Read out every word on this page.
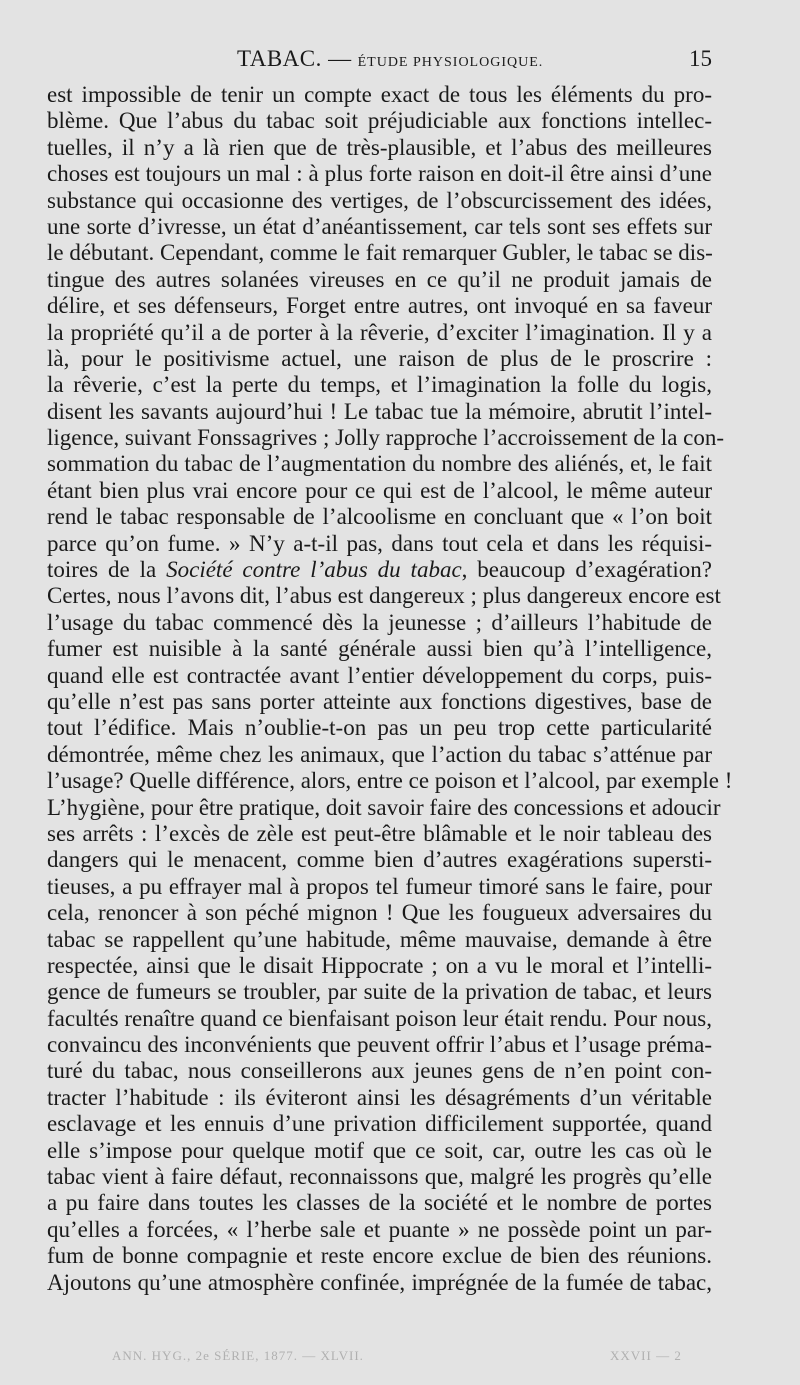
TABAC. — ÉTUDE PHYSIOLOGIQUE.	15
est impossible de tenir un compte exact de tous les éléments du pro-
blème. Que l’abus du tabac soit préjudiciable aux fonctions intellec-
tuelles, il n’y a là rien que de très-plausible, et l’abus des meilleures
choses est toujours un mal : à plus forte raison en doit-il être ainsi d’une
substance qui occasionne des vertiges, de l’obscurcissement des idées,
une sorte d’ivresse, un état d’anéantissement, car tels sont ses effets sur
le débutant. Cependant, comme le fait remarquer Gubler, le tabac se dis-
tingue des autres solanées vireuses en ce qu’il ne produit jamais de
délire, et ses défenseurs, Forget entre autres, ont invoqué en sa faveur
la propriété qu’il a de porter à la rêverie, d’exciter l’imagination. Il y a
là, pour le positivisme actuel, une raison de plus de le proscrire :
la rêverie, c’est la perte du temps, et l’imagination la folle du logis,
disent les savants aujourd’hui ! Le tabac tue la mémoire, abrutit l’intel-
ligence, suivant Fonssagrives ; Jolly rapproche l’accroissement de la con-
sommation du tabac de l’augmentation du nombre des aliénés, et, le fait
étant bien plus vrai encore pour ce qui est de l’alcool, le même auteur
rend le tabac responsable de l’alcoolisme en concluant que « l’on boit
parce qu’on fume. » N’y a-t-il pas, dans tout cela et dans les réquisi-
toires de la Société contre l’abus du tabac, beaucoup d’exagération?
Certes, nous l’avons dit, l’abus est dangereux ; plus dangereux encore est
l’usage du tabac commencé dès la jeunesse ; d’ailleurs l’habitude de
fumer est nuisible à la santé générale aussi bien qu’à l’intelligence,
quand elle est contractée avant l’entier développement du corps, puis-
qu’elle n’est pas sans porter atteinte aux fonctions digestives, base de
tout l’édifice. Mais n’oublie-t-on pas un peu trop cette particularité
démontrée, même chez les animaux, que l’action du tabac s’atténue par
l’usage? Quelle différence, alors, entre ce poison et l’alcool, par exemple !
L’hygiène, pour être pratique, doit savoir faire des concessions et adoucir
ses arrêts : l’excès de zèle est peut-être blâmable et le noir tableau des
dangers qui le menacent, comme bien d’autres exagérations supersti-
tieuses, a pu effrayer mal à propos tel fumeur timoré sans le faire, pour
cela, renoncer à son péché mignon ! Que les fougueux adversaires du
tabac se rappellent qu’une habitude, même mauvaise, demande à être
respectée, ainsi que le disait Hippocrate ; on a vu le moral et l’intelli-
gence de fumeurs se troubler, par suite de la privation de tabac, et leurs
facultés renaître quand ce bienfaisant poison leur était rendu. Pour nous,
convaincu des inconvénients que peuvent offrir l’abus et l’usage préma-
turé du tabac, nous conseillerons aux jeunes gens de n’en point con-
tracter l’habitude : ils éviteront ainsi les désagréments d’un véritable
esclavage et les ennuis d’une privation difficilement supportée, quand
elle s’impose pour quelque motif que ce soit, car, outre les cas où le
tabac vient à faire défaut, reconnaissons que, malgré les progrès qu’elle
a pu faire dans toutes les classes de la société et le nombre de portes
qu’elles a forcées, « l’herbe sale et puante » ne possède point un par-
fum de bonne compagnie et reste encore exclue de bien des réunions.
Ajoutons qu’une atmosphère confinée, imprégnée de la fumée de tabac,
ANN. HYG., 2e SÉRIE, 1877. — XLVII.	XXVII — 2
